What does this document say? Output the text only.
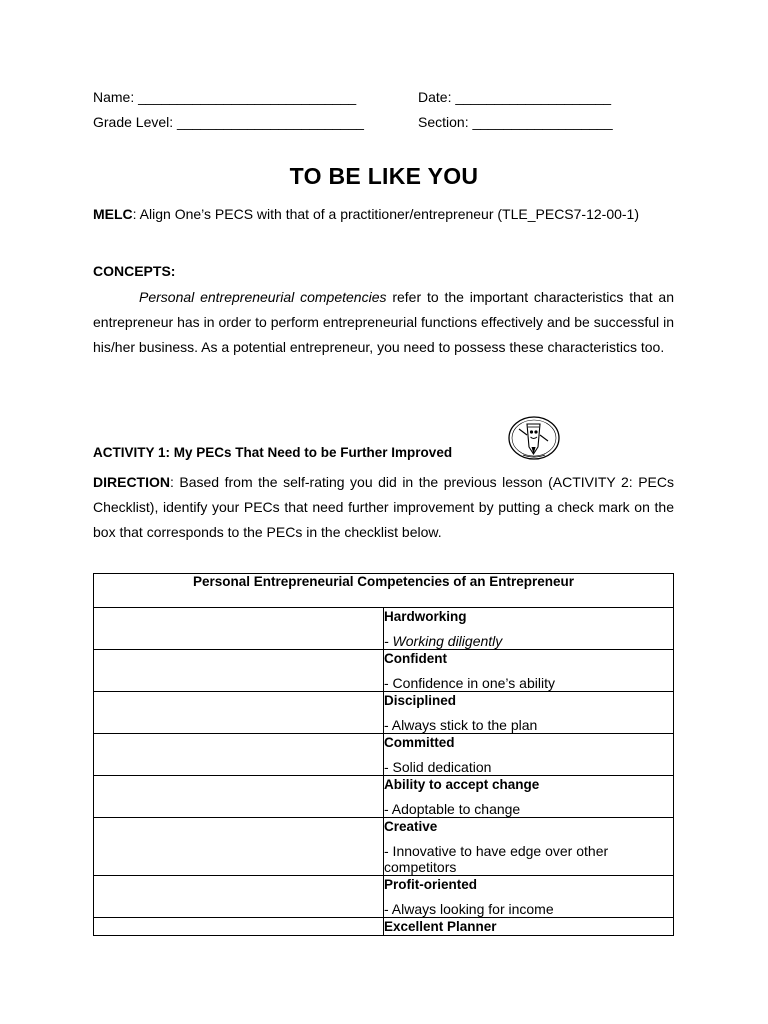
Name: ____________________________	Date: ____________________
Grade Level: ________________________	Section: __________________
TO BE LIKE YOU
MELC: Align One’s PECS with that of a practitioner/entrepreneur (TLE_PECS7-12-00-1)
CONCEPTS:
Personal entrepreneurial competencies refer to the important characteristics that an entrepreneur has in order to perform entrepreneurial functions effectively and be successful in his/her business. As a potential entrepreneur, you need to possess these characteristics too.
ACTIVITY 1: My PECs That Need to be Further Improved
DIRECTION: Based from the self-rating you did in the previous lesson (ACTIVITY 2: PECs Checklist), identify your PECs that need further improvement by putting a check mark on the box that corresponds to the PECs in the checklist below.
Personal Entrepreneurial Competencies of an Entrepreneur	

	Hardworking
- Working diligently

	Confident
- Confidence in one’s ability

	Disciplined
- Always stick to the plan

	Committed
- Solid dedication

	Ability to accept change
- Adoptable to change

	Creative
- Innovative to have edge over other competitors

	Profit-oriented
- Always looking for income

	Excellent Planner
